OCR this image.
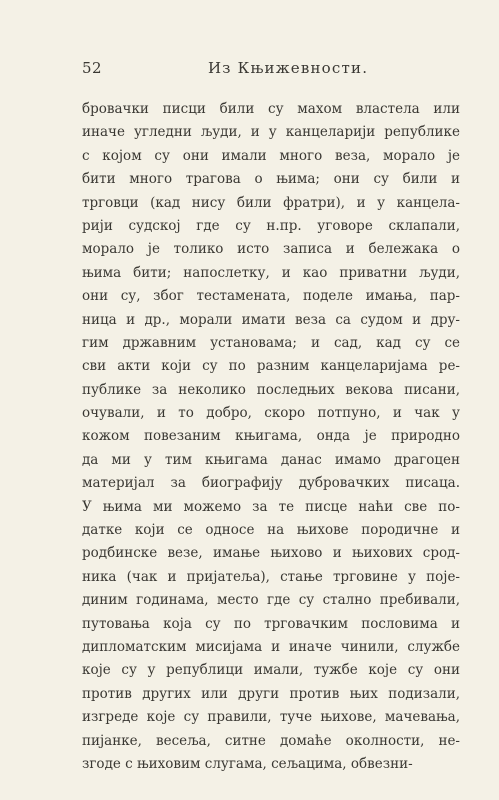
52	Из Књижевности.
бровачки писци били су махом властела или
иначе угледни људи, и у канцеларији републике
с којом су они имали много веза, морало је
бити много трагова о њима; они су били и
трговци (кад нису били фратри), и у канцела-
рији судској где су н.пр. уговоре склапали,
морало је толико исто записа и бележака о
њима бити; напослетку, и као приватни људи,
они су, због тестамената, поделе имања, пар-
ница и др., морали имати веза са судом и дру-
гим државним установама; и сад, кад су се
сви акти који су по разним канцеларијама ре-
публике за неколико последњих векова писани,
очували, и то добро, скоро потпуно, и чак у
кожом повезаним књигама, онда је природно
да ми у тим књигама данас имамо драгоцен
материјал за биографију дубровачких писаца.
У њима ми можемо за те писце наћи све по-
датке који се односе на њихове породичне и
родбинске везе, имање њихово и њихових срод-
ника (чак и пријатеља), стање трговине у поје-
диним годинама, место где су стално пребивали,
путовања која су по трговачким пословима и
дипломатским мисијама и иначе чинили, службе
које су у републици имали, тужбе које су они
против других или други против њих подизали,
изгреде које су правили, туче њихове, мачевања,
пијанке, весеља, ситне домаће околности, не-
згоде с њиховим слугама, сељацима, обвезни-
